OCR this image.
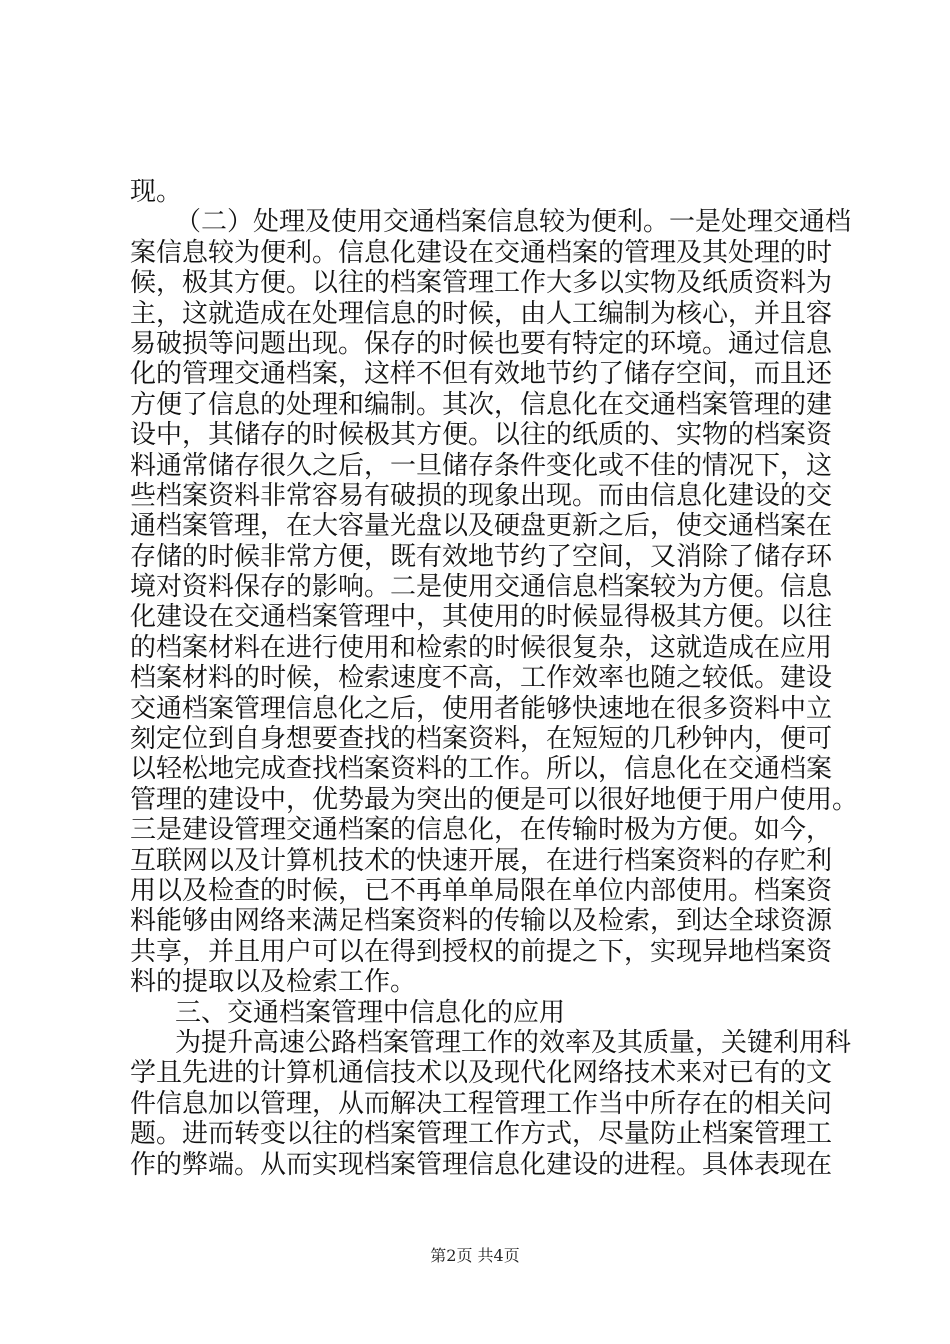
现。
（二）处理及使用交通档案信息较为便利。一是处理交通档
案信息较为便利。信息化建设在交通档案的管理及其处理的时
候，极其方便。以往的档案管理工作大多以实物及纸质资料为
主，这就造成在处理信息的时候，由人工编制为核心，并且容
易破损等问题出现。保存的时候也要有特定的环境。通过信息
化的管理交通档案，这样不但有效地节约了储存空间，而且还
方便了信息的处理和编制。其次，信息化在交通档案管理的建
设中，其储存的时候极其方便。以往的纸质的、实物的档案资
料通常储存很久之后，一旦储存条件变化或不佳的情况下，这
些档案资料非常容易有破损的现象出现。而由信息化建设的交
通档案管理，在大容量光盘以及硬盘更新之后，使交通档案在
存储的时候非常方便，既有效地节约了空间，又消除了储存环
境对资料保存的影响。二是使用交通信息档案较为方便。信息
化建设在交通档案管理中，其使用的时候显得极其方便。以往
的档案材料在进行使用和检索的时候很复杂，这就造成在应用
档案材料的时候，检索速度不高，工作效率也随之较低。建设
交通档案管理信息化之后，使用者能够快速地在很多资料中立
刻定位到自身想要查找的档案资料，在短短的几秒钟内，便可
以轻松地完成查找档案资料的工作。所以，信息化在交通档案
管理的建设中，优势最为突出的便是可以很好地便于用户使用。
三是建设管理交通档案的信息化，在传输时极为方便。如今，
互联网以及计算机技术的快速开展，在进行档案资料的存贮利
用以及检查的时候，已不再单单局限在单位内部使用。档案资
料能够由网络来满足档案资料的传输以及检索，到达全球资源
共享，并且用户可以在得到授权的前提之下，实现异地档案资
料的提取以及检索工作。
三、交通档案管理中信息化的应用
为提升高速公路档案管理工作的效率及其质量，关键利用科
学且先进的计算机通信技术以及现代化网络技术来对已有的文
件信息加以管理，从而解决工程管理工作当中所存在的相关问
题。进而转变以往的档案管理工作方式，尽量防止档案管理工
作的弊端。从而实现档案管理信息化建设的进程。具体表现在
第2页 共4页
